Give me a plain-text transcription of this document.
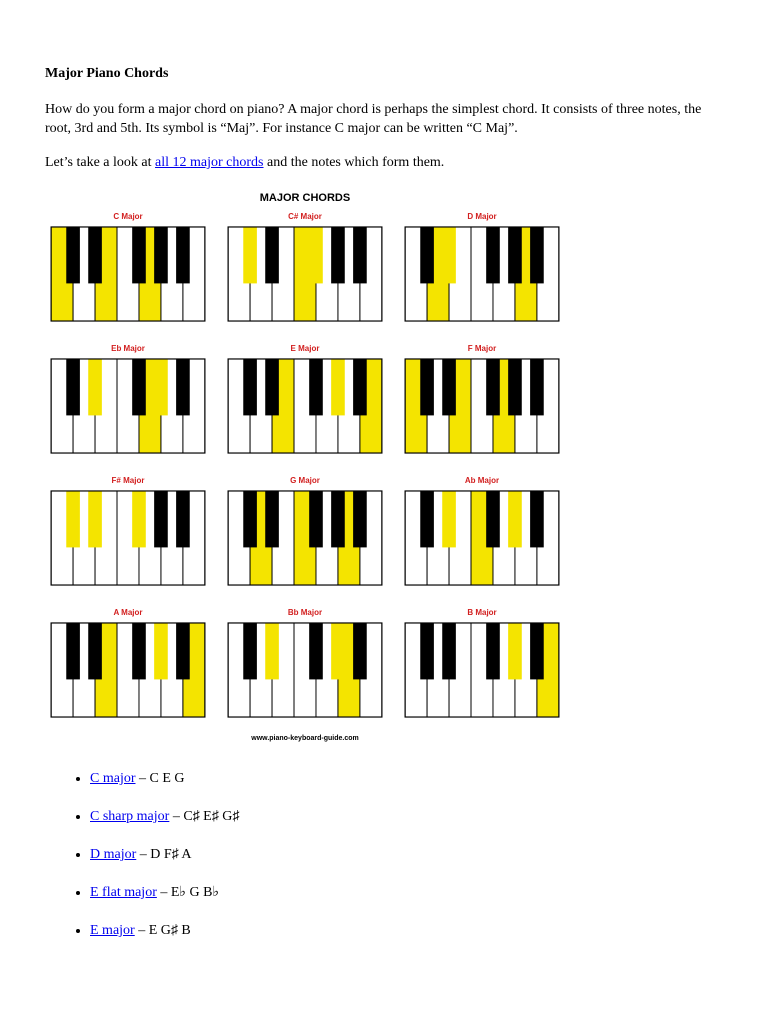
Major Piano Chords
How do you form a major chord on piano? A major chord is perhaps the simplest chord. It consists of three notes, the root, 3rd and 5th. Its symbol is “Maj”. For instance C major can be written “C Maj”.
Let’s take a look at all 12 major chords and the notes which form them.
MAJOR CHORDS
C Major	C# Major	D Major
Eb Major	E Major	F Major
F# Major	G Major	Ab Major
A Major	Bb Major	B Major
www.piano-keyboard-guide.com
• C major – C E G
• C sharp major – C♯ E♯ G♯
• D major – D F♯ A
• E flat major – E♭ G B♭
• E major – E G♯ B
